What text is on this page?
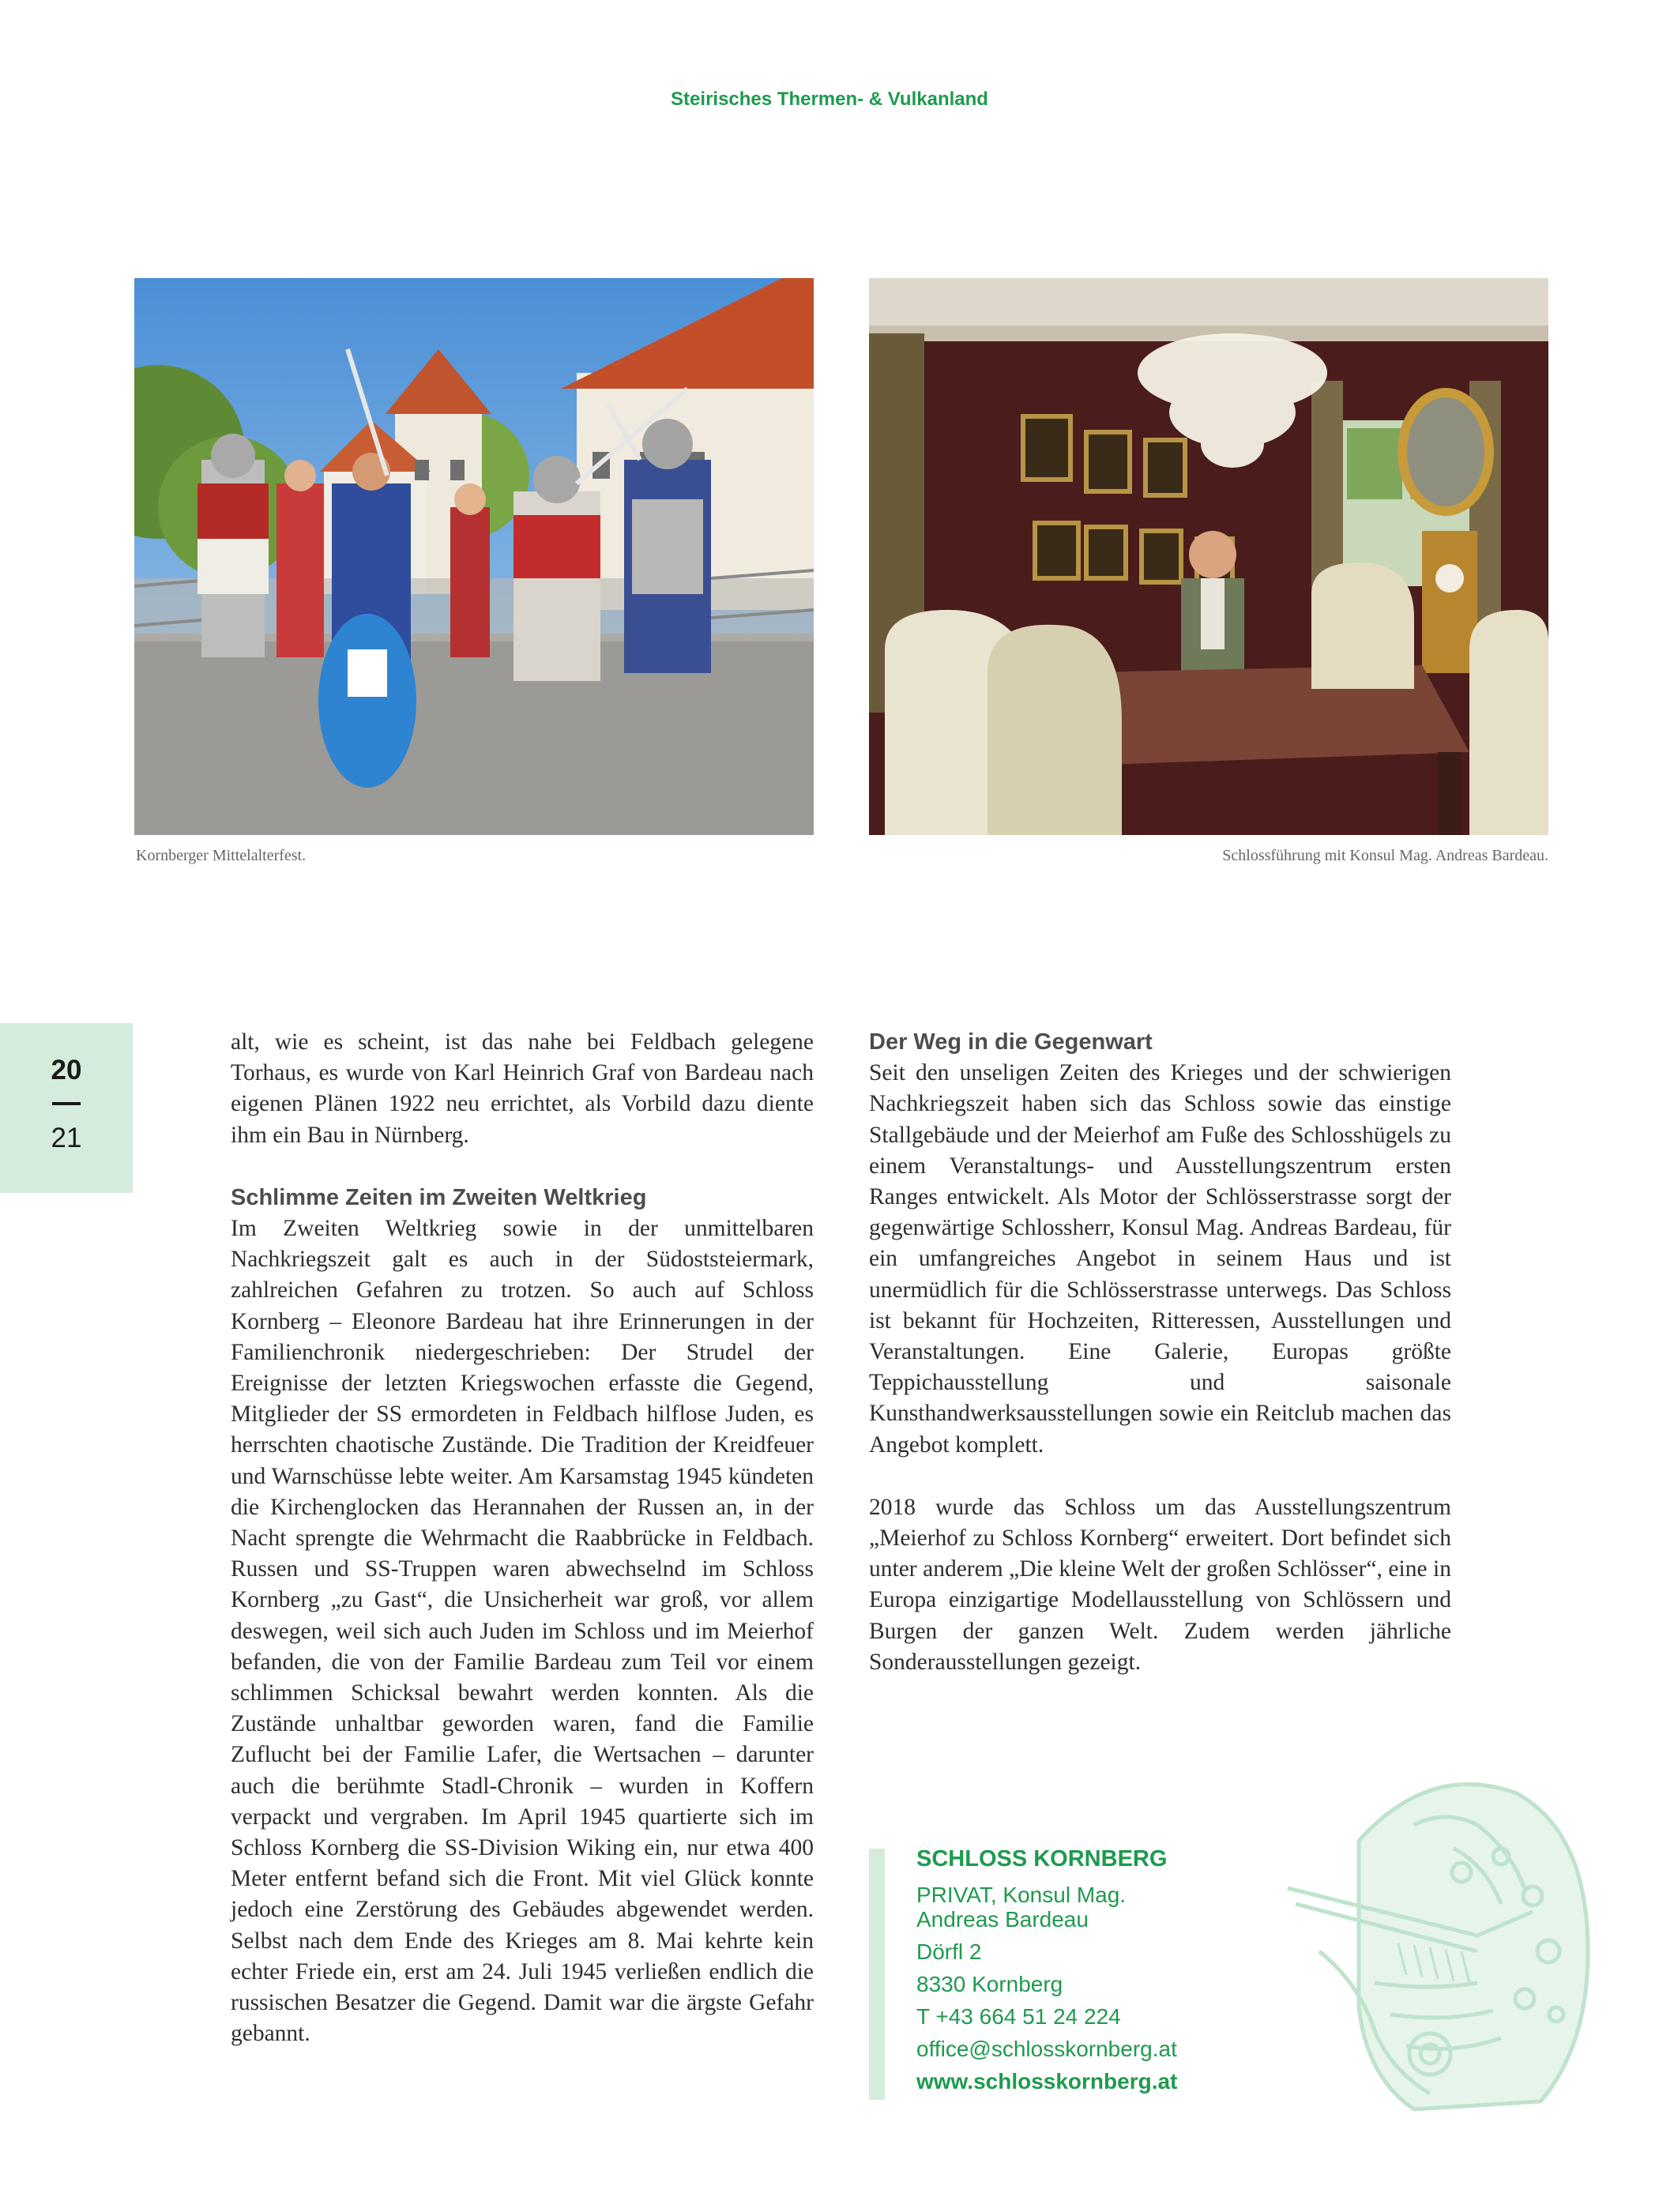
Steirisches Thermen- & Vulkanland
Kornberger Mittelalterfest.	Schlossführung mit Konsul Mag. Andreas Bardeau.
20
21

alt, wie es scheint, ist das nahe bei Feldbach gelegene Torhaus, es wurde von Karl Heinrich Graf von Bardeau nach eigenen Plänen 1922 neu errichtet, als Vorbild dazu diente ihm ein Bau in Nürnberg.

Schlimme Zeiten im Zweiten Weltkrieg

Im Zweiten Weltkrieg sowie in der unmittelbaren Nachkriegszeit galt es auch in der Südoststeiermark, zahlreichen Gefahren zu trotzen. So auch auf Schloss Kornberg – Eleonore Bardeau hat ihre Erinnerungen in der Familienchronik niedergeschrieben: Der Strudel der Ereignisse der letzten Kriegswochen erfasste die Gegend, Mitglieder der SS ermordeten in Feldbach hilflose Juden, es herrschten chaotische Zustände. Die Tradition der Kreidfeuer und Warnschüsse lebte weiter. Am Karsamstag 1945 kündeten die Kirchenglocken das Herannahen der Russen an, in der Nacht sprengte die Wehrmacht die Raabbrücke in Feldbach. Russen und SS-Truppen waren abwechselnd im Schloss Kornberg „zu Gast“, die Unsicherheit war groß, vor allem deswegen, weil sich auch Juden im Schloss und im Meierhof befanden, die von der Familie Bardeau zum Teil vor einem schlimmen Schicksal bewahrt werden konnten. Als die Zustände unhaltbar geworden waren, fand die Familie Zuflucht bei der Familie Lafer, die Wertsachen – darunter auch die berühmte Stadl-Chronik – wurden in Koffern verpackt und vergraben. Im April 1945 quartierte sich im Schloss Kornberg die SS-Division Wiking ein, nur etwa 400 Meter entfernt befand sich die Front. Mit viel Glück konnte jedoch eine Zerstörung des Gebäudes abgewendet werden. Selbst nach dem Ende des Krieges am 8. Mai kehrte kein echter Friede ein, erst am 24. Juli 1945 verließen endlich die russischen Besatzer die Gegend. Damit war die ärgste Gefahr gebannt.

Der Weg in die Gegenwart

Seit den unseligen Zeiten des Krieges und der schwierigen Nachkriegszeit haben sich das Schloss sowie das einstige Stallgebäude und der Meierhof am Fuße des Schlosshügels zu einem Veranstaltungs- und Ausstellungszentrum ersten Ranges entwickelt. Als Motor der Schlösserstrasse sorgt der gegenwärtige Schlossherr, Konsul Mag. Andreas Bardeau, für ein umfangreiches Angebot in seinem Haus und ist unermüdlich für die Schlösserstrasse unterwegs. Das Schloss ist bekannt für Hochzeiten, Ritteressen, Ausstellungen und Veranstaltungen. Eine Galerie, Europas größte Teppichausstellung und saisonale Kunsthandwerksausstellungen sowie ein Reitclub machen das Angebot komplett.

2018 wurde das Schloss um das Ausstellungszentrum „Meierhof zu Schloss Kornberg“ erweitert. Dort befindet sich unter anderem „Die kleine Welt der großen Schlösser“, eine in Europa einzigartige Modellausstellung von Schlössern und Burgen der ganzen Welt. Zudem werden jährliche Sonderausstellungen gezeigt.

SCHLOSS KORNBERG
PRIVAT, Konsul Mag.
Andreas Bardeau
Dörfl 2
8330 Kornberg
T +43 664 51 24 224
office@schlosskornberg.at
www.schlosskornberg.at
